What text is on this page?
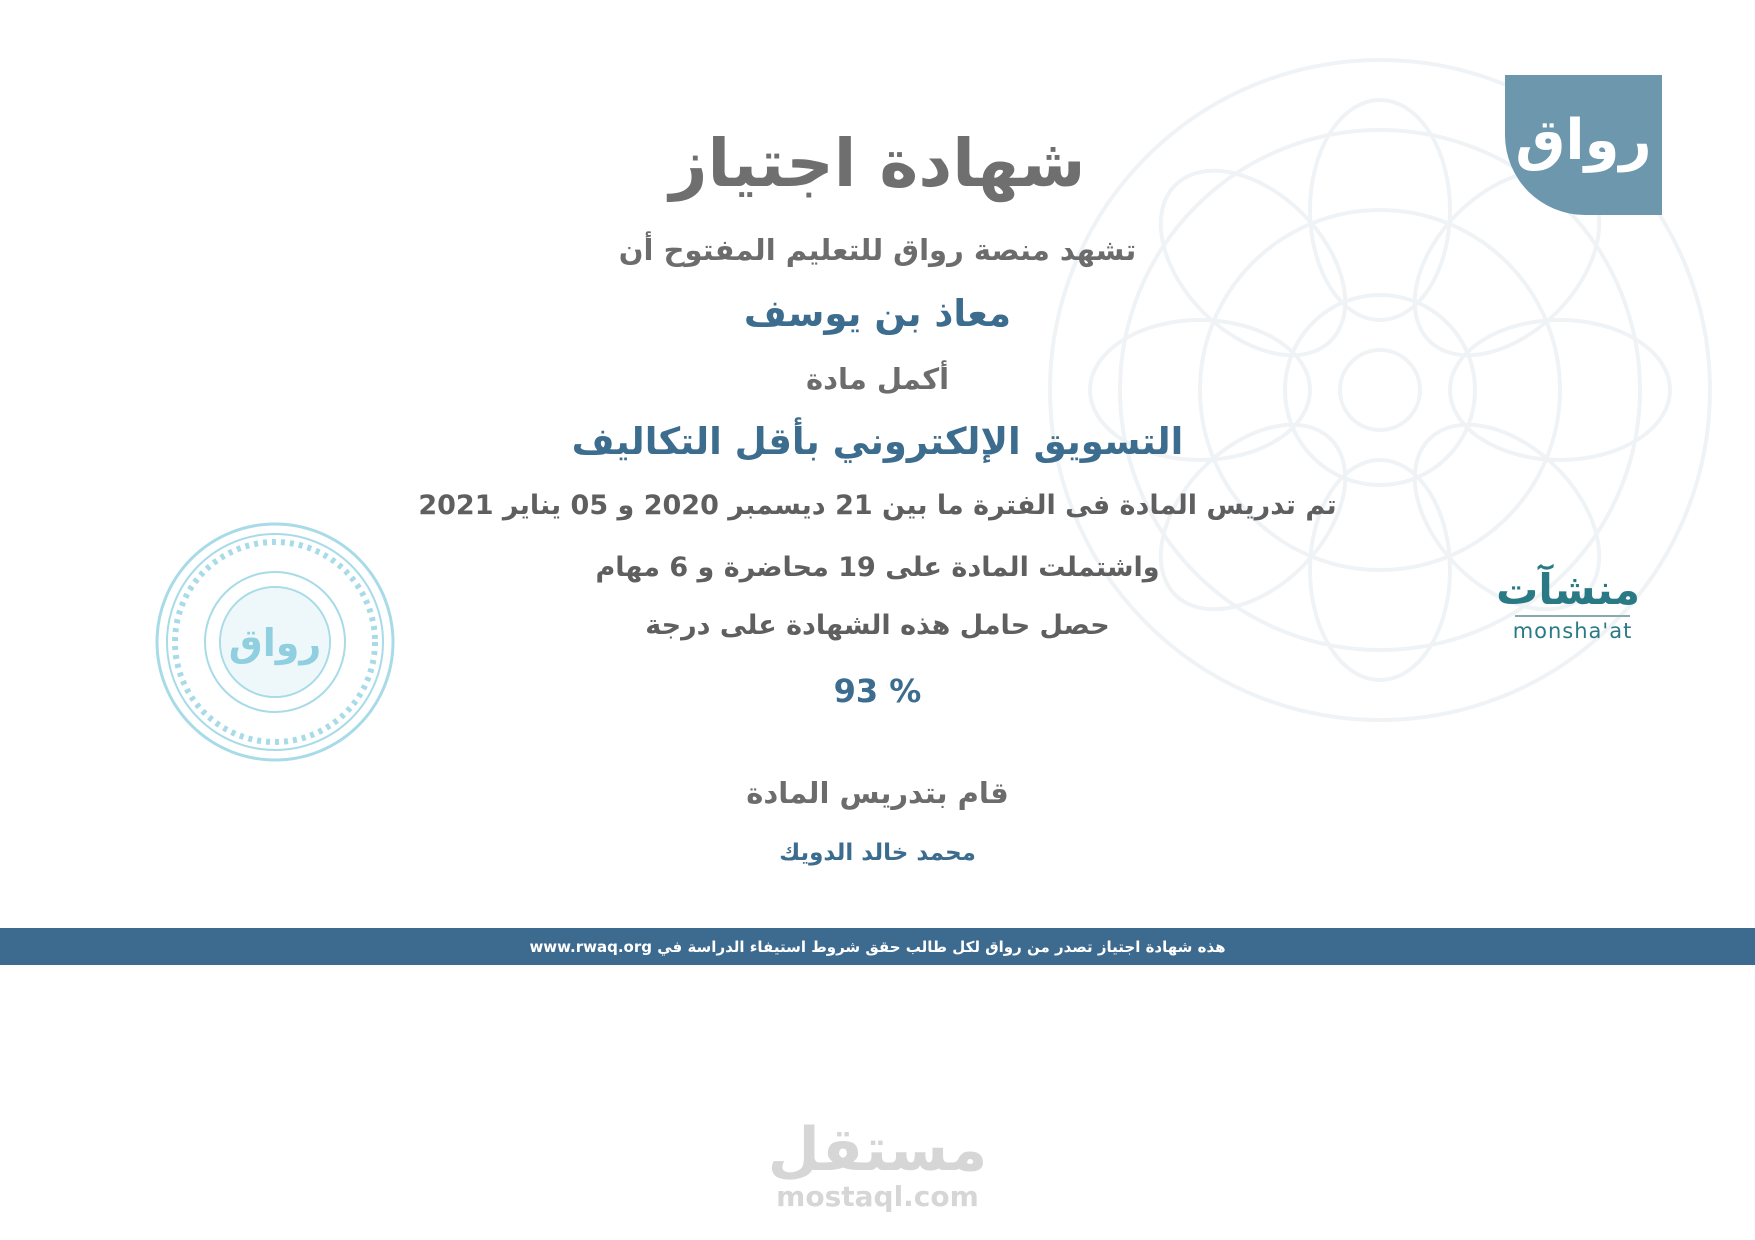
رواق
شهادة اجتياز
تشهد منصة رواق للتعليم المفتوح أن
معاذ بن يوسف
أكمل مادة
التسويق الإلكتروني بأقل التكاليف
تم تدريس المادة فى الفترة ما بين 21 ديسمبر 2020 و 05 يناير 2021
واشتملت المادة على 19 محاضرة و 6 مهام
حصل حامل هذه الشهادة على درجة
93 %
قام بتدريس المادة
محمد خالد الدويك
رواق
منشآت
monsha'at
هذه شهادة اجتياز تصدر من رواق لكل طالب حقق شروط استيفاء الدراسة في www.rwaq.org
مستقل
mostaql.com
